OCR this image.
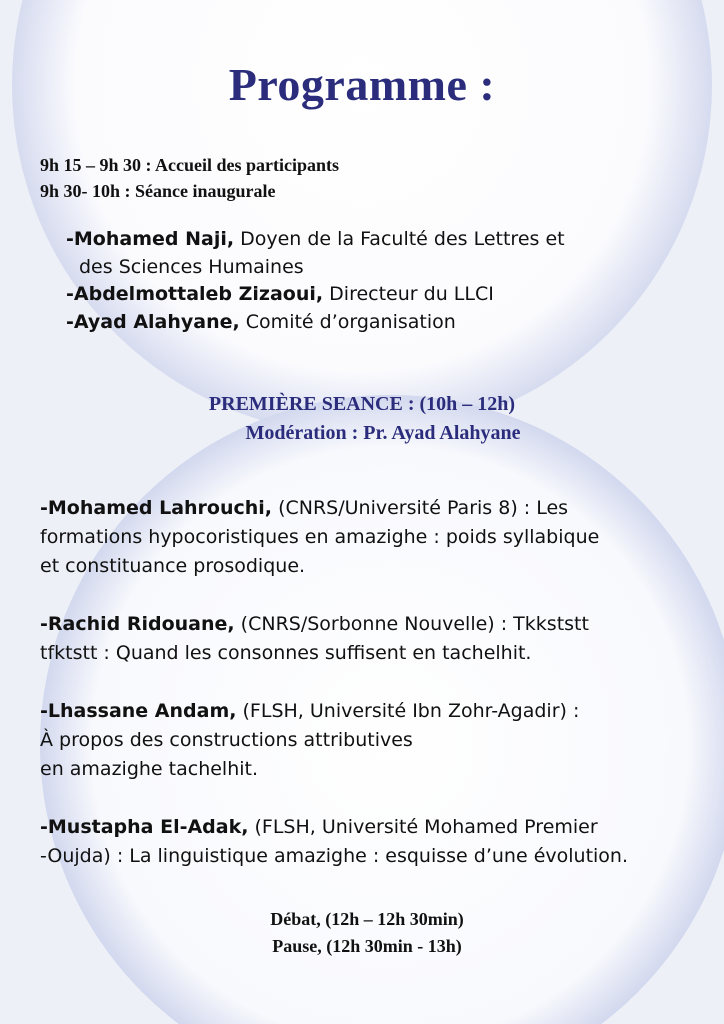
Programme :
9h 15 – 9h 30 : Accueil des participants
9h 30- 10h : Séance inaugurale
-Mohamed Naji, Doyen de la Faculté des Lettres et
des Sciences Humaines
-Abdelmottaleb Zizaoui, Directeur du LLCI
-Ayad Alahyane, Comité d’organisation
PREMIÈRE SEANCE : (10h – 12h)
Modération : Pr. Ayad Alahyane
-Mohamed Lahrouchi, (CNRS/Université Paris 8) : Les
formations hypocoristiques en amazighe : poids syllabique
et constituance prosodique.
-Rachid Ridouane, (CNRS/Sorbonne Nouvelle) : Tkkststt
tfktstt : Quand les consonnes suffisent en tachelhit.
-Lhassane Andam, (FLSH, Université Ibn Zohr-Agadir) :
À propos des constructions attributives
en amazighe tachelhit.
-Mustapha El-Adak, (FLSH, Université Mohamed Premier
-Oujda) : La linguistique amazighe : esquisse d’une évolution.
Débat, (12h – 12h 30min)
Pause, (12h 30min - 13h)
